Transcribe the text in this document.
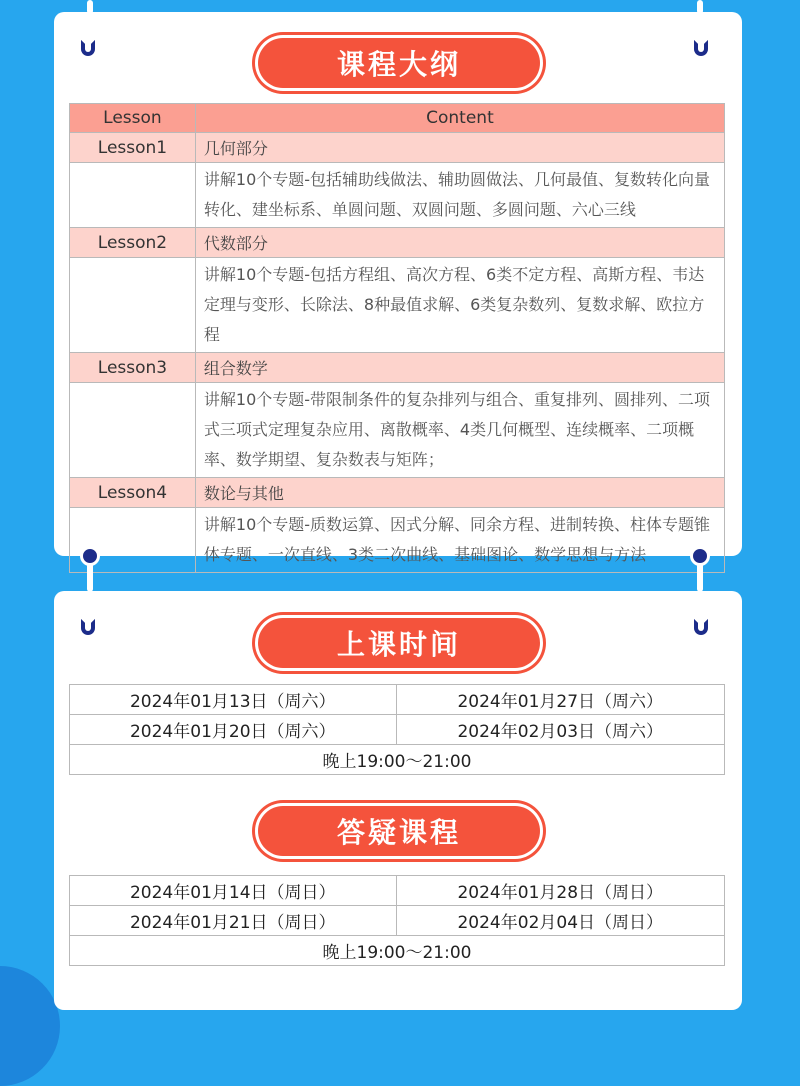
课程大纲
Lesson	Content
Lesson1	几何部分
	讲解10个专题-包括辅助线做法、辅助圆做法、几何最值、复数转化向量转化、建坐标系、单圆问题、双圆问题、多圆问题、六心三线
Lesson2	代数部分
	讲解10个专题-包括方程组、高次方程、6类不定方程、高斯方程、韦达定理与变形、长除法、8种最值求解、6类复杂数列、复数求解、欧拉方程
Lesson3	组合数学
	讲解10个专题-带限制条件的复杂排列与组合、重复排列、圆排列、二项式三项式定理复杂应用、离散概率、4类几何概型、连续概率、二项概率、数学期望、复杂数表与矩阵；
Lesson4	数论与其他
	讲解10个专题-质数运算、因式分解、同余方程、进制转换、柱体专题锥体专题、一次直线、3类二次曲线、基础图论、数学思想与方法
上课时间
2024年01月13日（周六）	2024年01月27日（周六）
2024年01月20日（周六）	2024年02月03日（周六）
晚上19:00～21:00	
答疑课程
2024年01月14日（周日）	2024年01月28日（周日）
2024年01月21日（周日）	2024年02月04日（周日）
晚上19:00～21:00	
